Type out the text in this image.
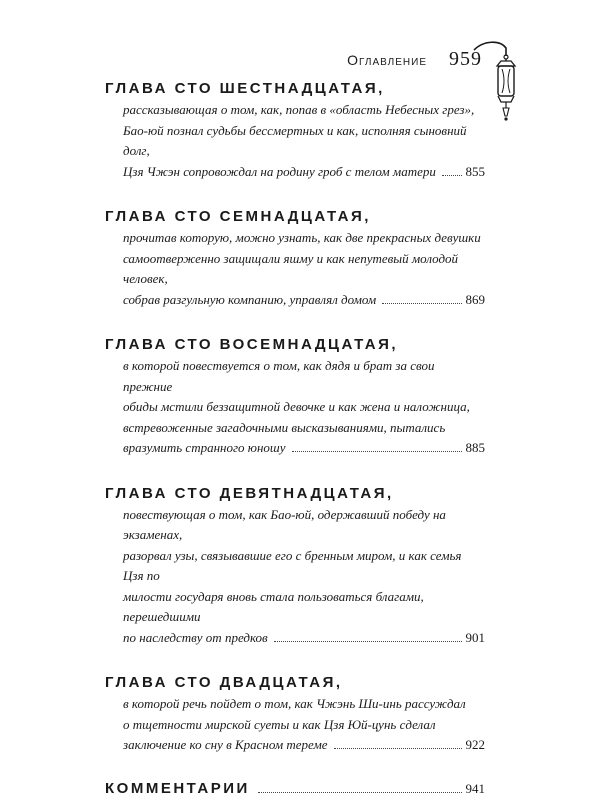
Оглавление 959
ГЛАВА СТО ШЕСТНАДЦАТАЯ,
рассказывающая о том, как, попав в «область Небесных грез»,
Бао-юй познал судьбы бессмертных и как, исполняя сыновний долг,
Цзя Чжэн сопровождал на родину гроб с телом матери 855
ГЛАВА СТО СЕМНАДЦАТАЯ,
прочитав которую, можно узнать, как две прекрасных девушки
самоотверженно защищали яшму и как непутевый молодой человек,
собрав разгульную компанию, управлял домом	869
ГЛАВА СТО ВОСЕМНАДЦАТАЯ,
в которой повествуется о том, как дядя и брат за свои прежние
обиды мстили беззащитной девочке и как жена и наложница,
встревоженные загадочными высказываниями, пытались
вразумить странного юношу	885
ГЛАВА СТО ДЕВЯТНАДЦАТАЯ,
повествующая о том, как Бао-юй, одержавший победу на экзаменах,
разорвал узы, связывавшие его с бренным миром, и как семья Цзя по
милости государя вновь стала пользоваться благами, перешедшими
по наследству от предков	901
ГЛАВА СТО ДВАДЦАТАЯ,
в которой речь пойдет о том, как Чжэнь Ши-инь рассуждал
о тщетности мирской суеты и как Цзя Юй-цунь сделал
заключение ко сну в Красном тереме	922
КОММЕНТАРИИ	941
